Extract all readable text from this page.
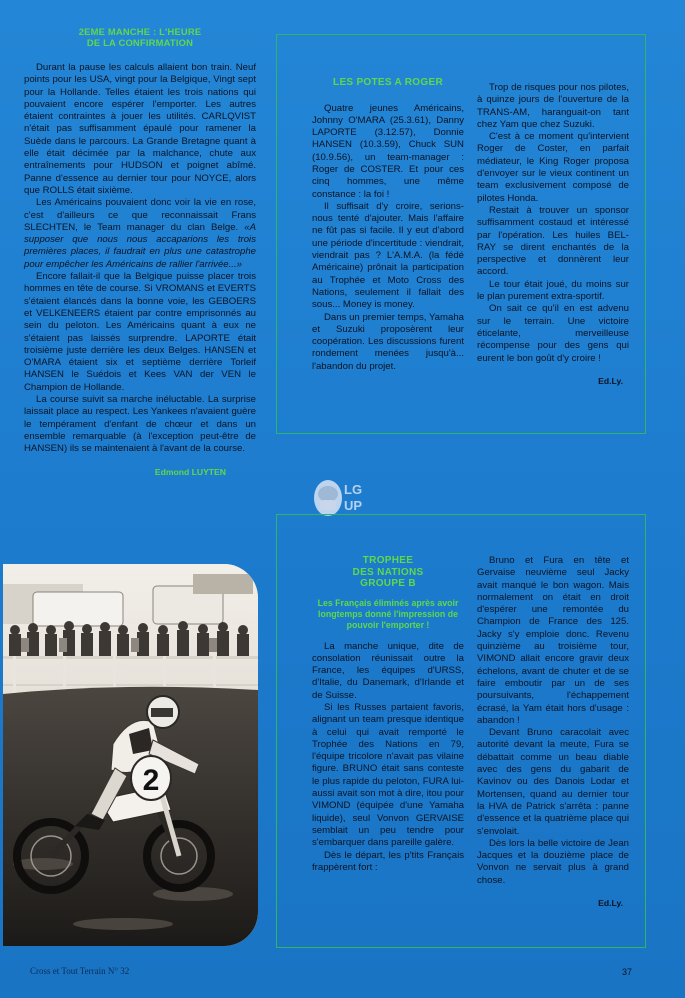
2EME MANCHE : L'HEURE

DE LA CONFIRMATION

Durant la pause les calculs allaient bon train. Neuf points pour les USA, vingt pour la Belgique, Vingt sept pour la Hollande. Telles étaient les trois nations qui pouvaient encore espérer l'emporter. Les autres étaient contraintes à jouer les utilités. CARLQVIST n'était pas suffisamment épaulé pour ramener la Suède dans le parcours. La Grande Bretagne quant à elle était décimée par la malchance, chute aux entraînements pour HUDSON et poignet abîmé. Panne d'essence au dernier tour pour NOYCE, alors que ROLLS était sixième.

Les Américains pouvaient donc voir la vie en rose, c'est d'ailleurs ce que reconnaissait Frans SLECHTEN, le Team manager du clan Belge. «A supposer que nous nous accaparions les trois premières places, il faudrait en plus une catastrophe pour empêcher les Américains de rallier l'arrivée...»

Encore fallait-il que la Belgique puisse placer trois hommes en tête de course. Si VROMANS et EVERTS s'étaient élancés dans la bonne voie, les GEBOERS et VELKENEERS étaient par contre emprisonnés au sein du peloton. Les Américains quant à eux ne s'étaient pas laissés surprendre. LAPORTE était troisième juste derrière les deux Belges. HANSEN et O'MARA étaient six et septième derrière Torleif HANSEN le Suédois et Kees VAN der VEN le Champion de Hollande.

La course suivit sa marche inéluctable. La surprise laissait place au respect. Les Yankees n'avaient guère le tempérament d'enfant de chœur et dans un ensemble remarquable (à l'exception peut-être de HANSEN) ils se maintenaient à l'avant de la course.

Edmond LUYTEN

LES POTES A ROGER

Quatre jeunes Américains, Johnny O'MARA (25.3.61), Danny LAPORTE (3.12.57), Donnie HANSEN (10.3.59), Chuck SUN (10.9.56), un team-manager : Roger de COSTER. Et pour ces cinq hommes, une même constance : la foi !

Il suffisait d'y croire, serions-nous tenté d'ajouter. Mais l'affaire ne fût pas si facile. Il y eut d'abord une période d'incertitude : viendrait, viendrait pas ? L'A.M.A. (la fédé Américaine) prônait la participation au Trophée et Moto Cross des Nations, seulement il fallait des sous... Money is money.

Dans un premier temps, Yamaha et Suzuki proposèrent leur coopération. Les discussions furent rondement menées jusqu'à... l'abandon du projet.

Trop de risques pour nos pilotes, à quinze jours de l'ouverture de la TRANS-AM, haranguait-on tant chez Yam que chez Suzuki.

C'est à ce moment qu'intervient Roger de Coster, en parfait médiateur, le King Roger proposa d'envoyer sur le vieux continent un team exclusivement composé de pilotes Honda.

Restait à trouver un sponsor suffisamment costaud et intéressé par l'opération. Les huiles BEL-RAY se dirent enchantés de la perspective et donnèrent leur accord.

Le tour était joué, du moins sur le plan purement extra-sportif.

On sait ce qu'il en est advenu sur le terrain. Une victoire éticelante, merveilleuse récompense pour des gens qui eurent le bon goût d'y croire !

Ed.Ly.
LG
UP

TROPHEE
DES NATIONS
GROUPE B

Les Français éliminés après avoir longtemps donné l'impression de pouvoir l'emporter !

La manche unique, dite de consolation réunissait outre la France, les équipes d'URSS, d'Italie, du Danemark, d'Irlande et de Suisse.

Si les Russes partaient favoris, alignant un team presque identique à celui qui avait remporté le Trophée des Nations en 79, l'équipe tricolore n'avait pas vilaine figure. BRUNO était sans conteste le plus rapide du peloton, FURA lui-aussi avait son mot à dire, itou pour VIMOND (équipée d'une Yamaha liquide), seul Vonvon GERVAISE semblait un peu tendre pour s'embarquer dans pareille galère.

Dès le départ, les p'tits Français frappèrent fort :

Bruno et Fura en tête et Gervaise neuvième seul Jacky avait manqué le bon wagon. Mais normalement on était en droit d'espérer une remontée du Champion de France des 125. Jacky s'y emploie donc. Revenu quinzième au troisième tour, VIMOND allait encore gravir deux échelons, avant de chuter et de se faire emboutir par un de ses poursuivants, l'échappement écrasé, la Yam était hors d'usage : abandon !

Devant Bruno caracolait avec autorité devant la meute, Fura se débattait comme un beau diable avec des gens du gabarit de Kavinov ou des Danois Lodar et Mortensen, quand au dernier tour la HVA de Patrick s'arrêta : panne d'essence et la quatrième place qui s'envolait.

Dès lors la belle victoire de Jean Jacques et la douzième place de Vonvon ne servait plus à grand chose.

Ed.Ly.
2
Cross et Tout Terrain N° 32	37
